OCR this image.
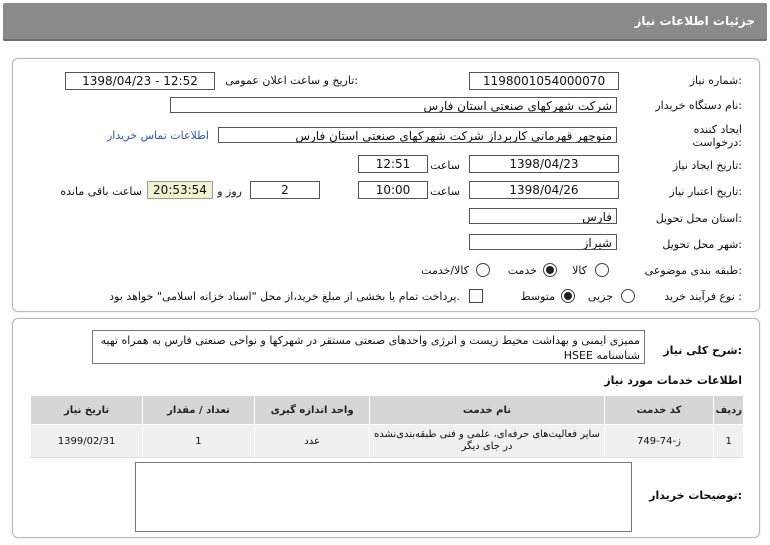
جزئیات اطلاعات نیاز
شماره نیاز:
1198001054000070
تاریخ و ساعت اعلان عمومی:
1398/04/23 - 12:52
نام دستگاه خریدار:
شرکت شهرکهای صنعتی استان فارس
ایجاد کننده
درخواست:
منوچهر قهرمانی کاربرداز شرکت شهرکهای صنعتی استان فارس
اطلاعات تماس خریدار
تاریخ ایجاد نیاز:
1398/04/23
ساعت
12:51
تاریخ اعتبار نیاز:
1398/04/26
ساعت
10:00
2
روز و
20:53:54
ساعت باقی مانده
استان محل تحویل:
فارس
شهر محل تحویل:
شیراز
طبقه بندی موضوعی:
کالا
خدمت
کالا/خدمت
نوع فرآیند خرید :
جزیی
متوسط
پرداخت تمام یا بخشی از مبلغ خرید،از محل "اسناد خزانه اسلامی" خواهد بود.
شرح کلی نیاز:
ممیزی ایمنی و بهداشت محیط زیست و انرژی واحدهای صنعتی مستقر در شهرکها و نواحی صنعتی فارس به همراه تهیه شناسنامه HSEE
اطلاعات خدمات مورد نیاز
ردیف	کد خدمت	نام خدمت	واحد اندازه گیری	تعداد / مقدار	تاریخ نیاز
1	ز-74-749	سایر فعالیت‌های حرفه‌ای، علمی و فنی طبقه‌بندی‌نشده در جای دیگر	عدد	1	1399/02/31
توضیحات خریدار:
